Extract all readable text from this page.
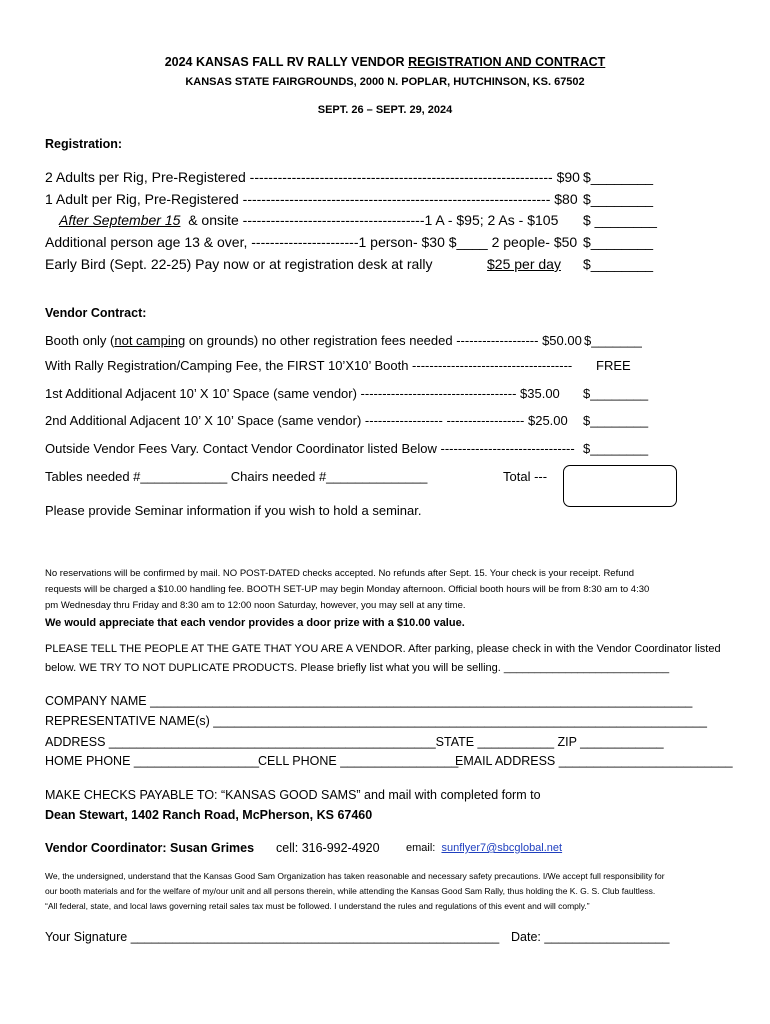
2024 KANSAS FALL RV RALLY VENDOR REGISTRATION AND CONTRACT
KANSAS STATE FAIRGROUNDS, 2000 N. POPLAR, HUTCHINSON, KS. 67502
SEPT. 26 – SEPT. 29, 2024
Registration:
2 Adults per Rig, Pre-Registered ----------------------------------------------------------------- $90 $________
1 Adult per Rig, Pre-Registered ------------------------------------------------------------------ $80 $________
After September 15 & onsite ---------------------------------------1 A - $95; 2 As - $105 $ ________
Additional person age 13 & over, -----------------------1 person- $30 $____ 2 people- $50 $________
Early Bird (Sept. 22-25) Pay now or at registration desk at rally	$25 per day $________
Vendor Contract:
Booth only (not camping on grounds) no other registration fees needed ------------------- $50.00 $_______
With Rally Registration/Camping Fee, the FIRST 10’X10’ Booth ------------------------------------- FREE
1st Additional Adjacent 10’ X 10’ Space (same vendor) ------------------------------------ $35.00 $________
2nd Additional Adjacent 10’ X 10’ Space (same vendor) ------------------ ------------------ $25.00 $________
Outside Vendor Fees Vary. Contact Vendor Coordinator listed Below ------------------------------- $________
Tables needed #____________ Chairs needed #______________	Total ---
Please provide Seminar information if you wish to hold a seminar.
No reservations will be confirmed by mail. NO POST-DATED checks accepted. No refunds after Sept. 15. Your check is your receipt. Refund
requests will be charged a $10.00 handling fee. BOOTH SET-UP may begin Monday afternoon. Official booth hours will be from 8:30 am to 4:30
pm Wednesday thru Friday and 8:30 am to 12:00 noon Saturday, however, you may sell at any time.
We would appreciate that each vendor provides a door prize with a $10.00 value.
PLEASE TELL THE PEOPLE AT THE GATE THAT YOU ARE A VENDOR. After parking, please check in with the Vendor Coordinator listed
below. WE TRY TO NOT DUPLICATE PRODUCTS. Please briefly list what you will be selling. ___________________________
COMPANY NAME ______________________________________________________________________________
REPRESENTATIVE NAME(s) _______________________________________________________________________
ADDRESS _______________________________________________STATE ___________ ZIP ____________
HOME PHONE __________________
CELL PHONE _________________
EMAIL ADDRESS _________________________
MAKE CHECKS PAYABLE TO: “KANSAS GOOD SAMS” and mail with completed form to
Dean Stewart, 1402 Ranch Road, McPherson, KS 67460
Vendor Coordinator: Susan Grimes cell: 316-992-4920 email: sunflyer7@sbcglobal.net
We, the undersigned, understand that the Kansas Good Sam Organization has taken reasonable and necessary safety precautions. I/We accept full responsibility for
our booth materials and for the welfare of my/our unit and all persons therein, while attending the Kansas Good Sam Rally, thus holding the K. G. S. Club faultless.
“All federal, state, and local laws governing retail sales tax must be followed. I understand the rules and regulations of this event and will comply.”
Your Signature _____________________________________________________ Date: __________________
